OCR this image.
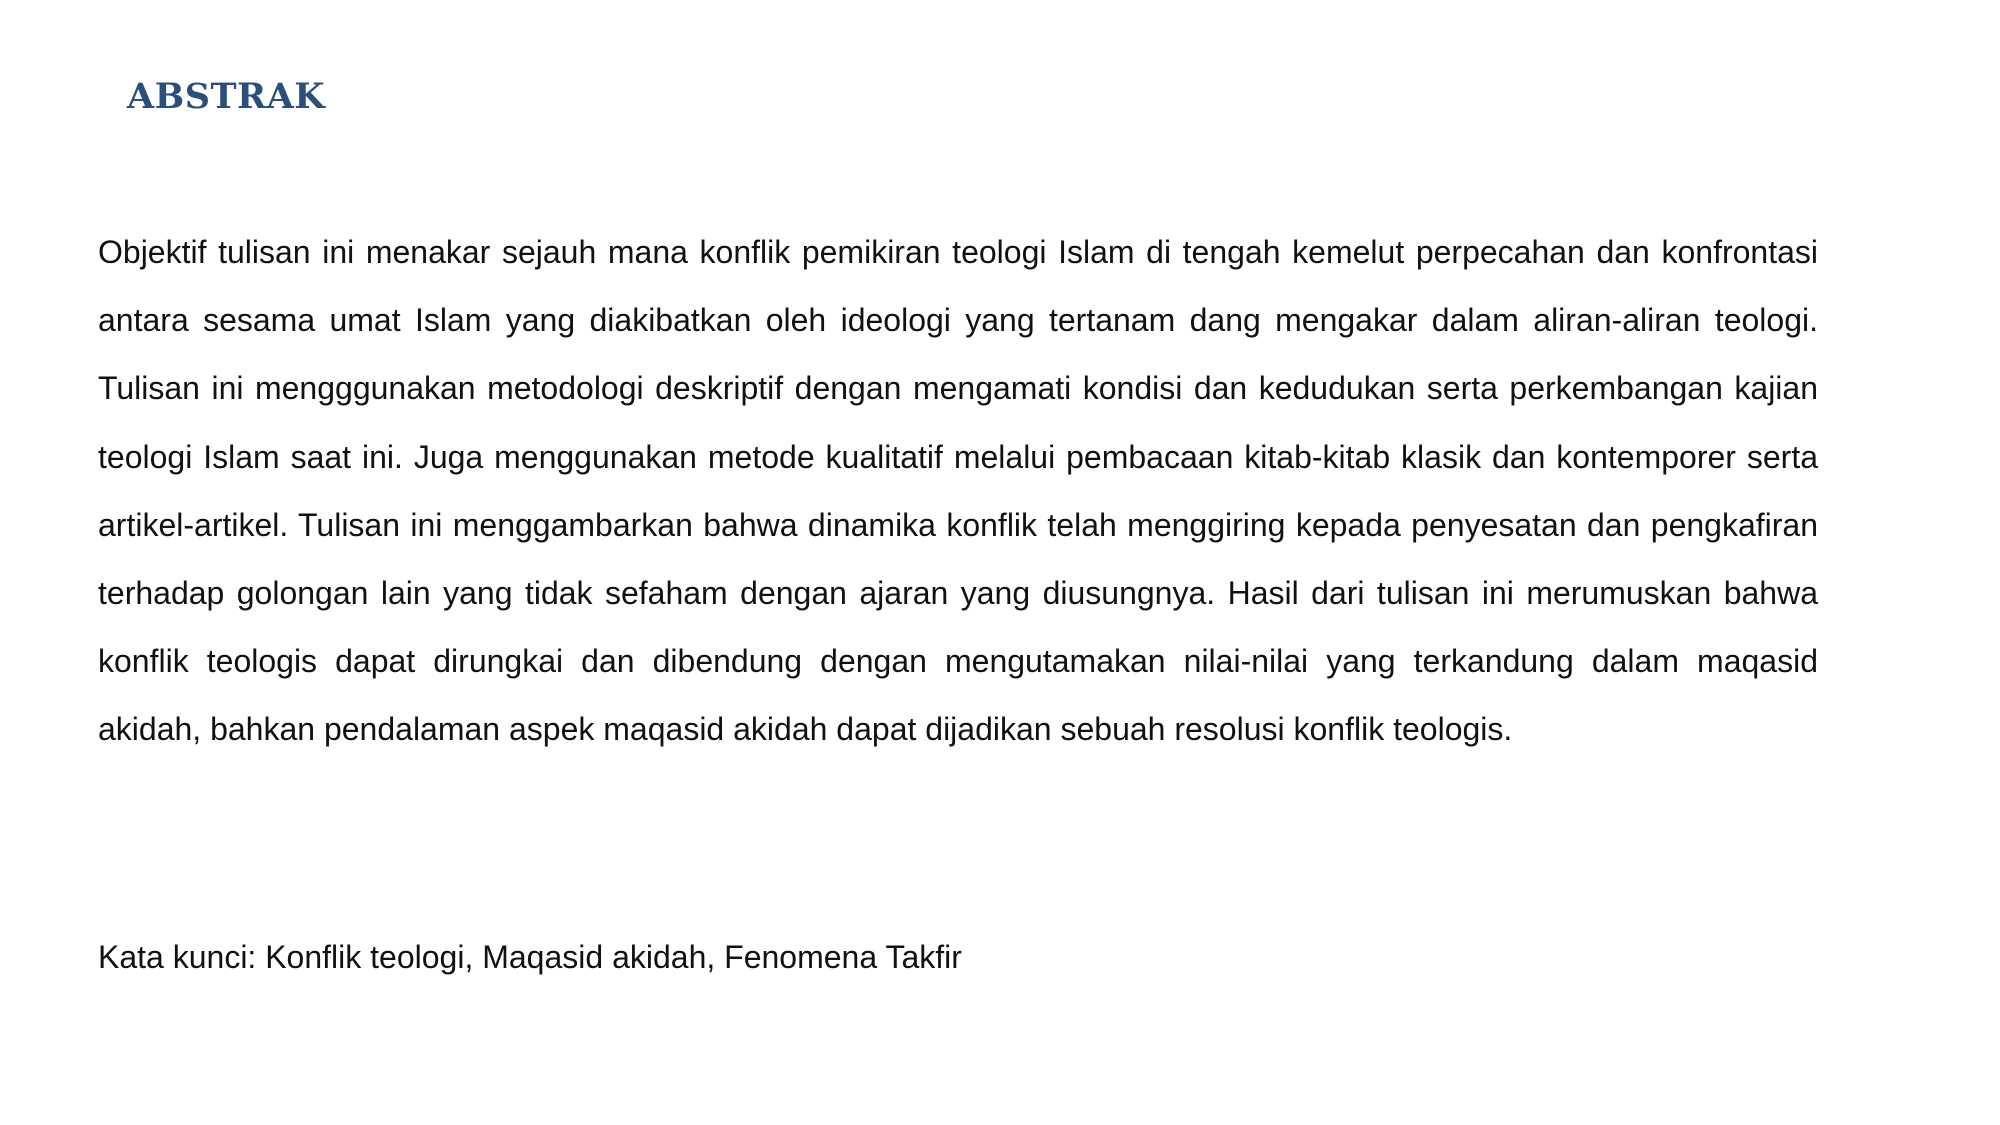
ABSTRAK

Objektif tulisan ini menakar sejauh mana konflik pemikiran teologi Islam di tengah kemelut perpecahan dan konfrontasi antara sesama umat Islam yang diakibatkan oleh ideologi yang tertanam dang mengakar dalam aliran-aliran teologi. Tulisan ini mengggunakan metodologi deskriptif dengan mengamati kondisi dan kedudukan serta perkembangan kajian teologi Islam saat ini. Juga menggunakan metode kualitatif melalui pembacaan kitab-kitab klasik dan kontemporer serta artikel-artikel. Tulisan ini menggambarkan bahwa dinamika konflik telah menggiring kepada penyesatan dan pengkafiran terhadap golongan lain yang tidak sefaham dengan ajaran yang diusungnya. Hasil dari tulisan ini merumuskan bahwa konflik teologis dapat dirungkai dan dibendung dengan mengutamakan nilai-nilai yang terkandung dalam maqasid akidah, bahkan pendalaman aspek maqasid akidah dapat dijadikan sebuah resolusi konflik teologis.

Kata kunci: Konflik teologi, Maqasid akidah, Fenomena Takfir
